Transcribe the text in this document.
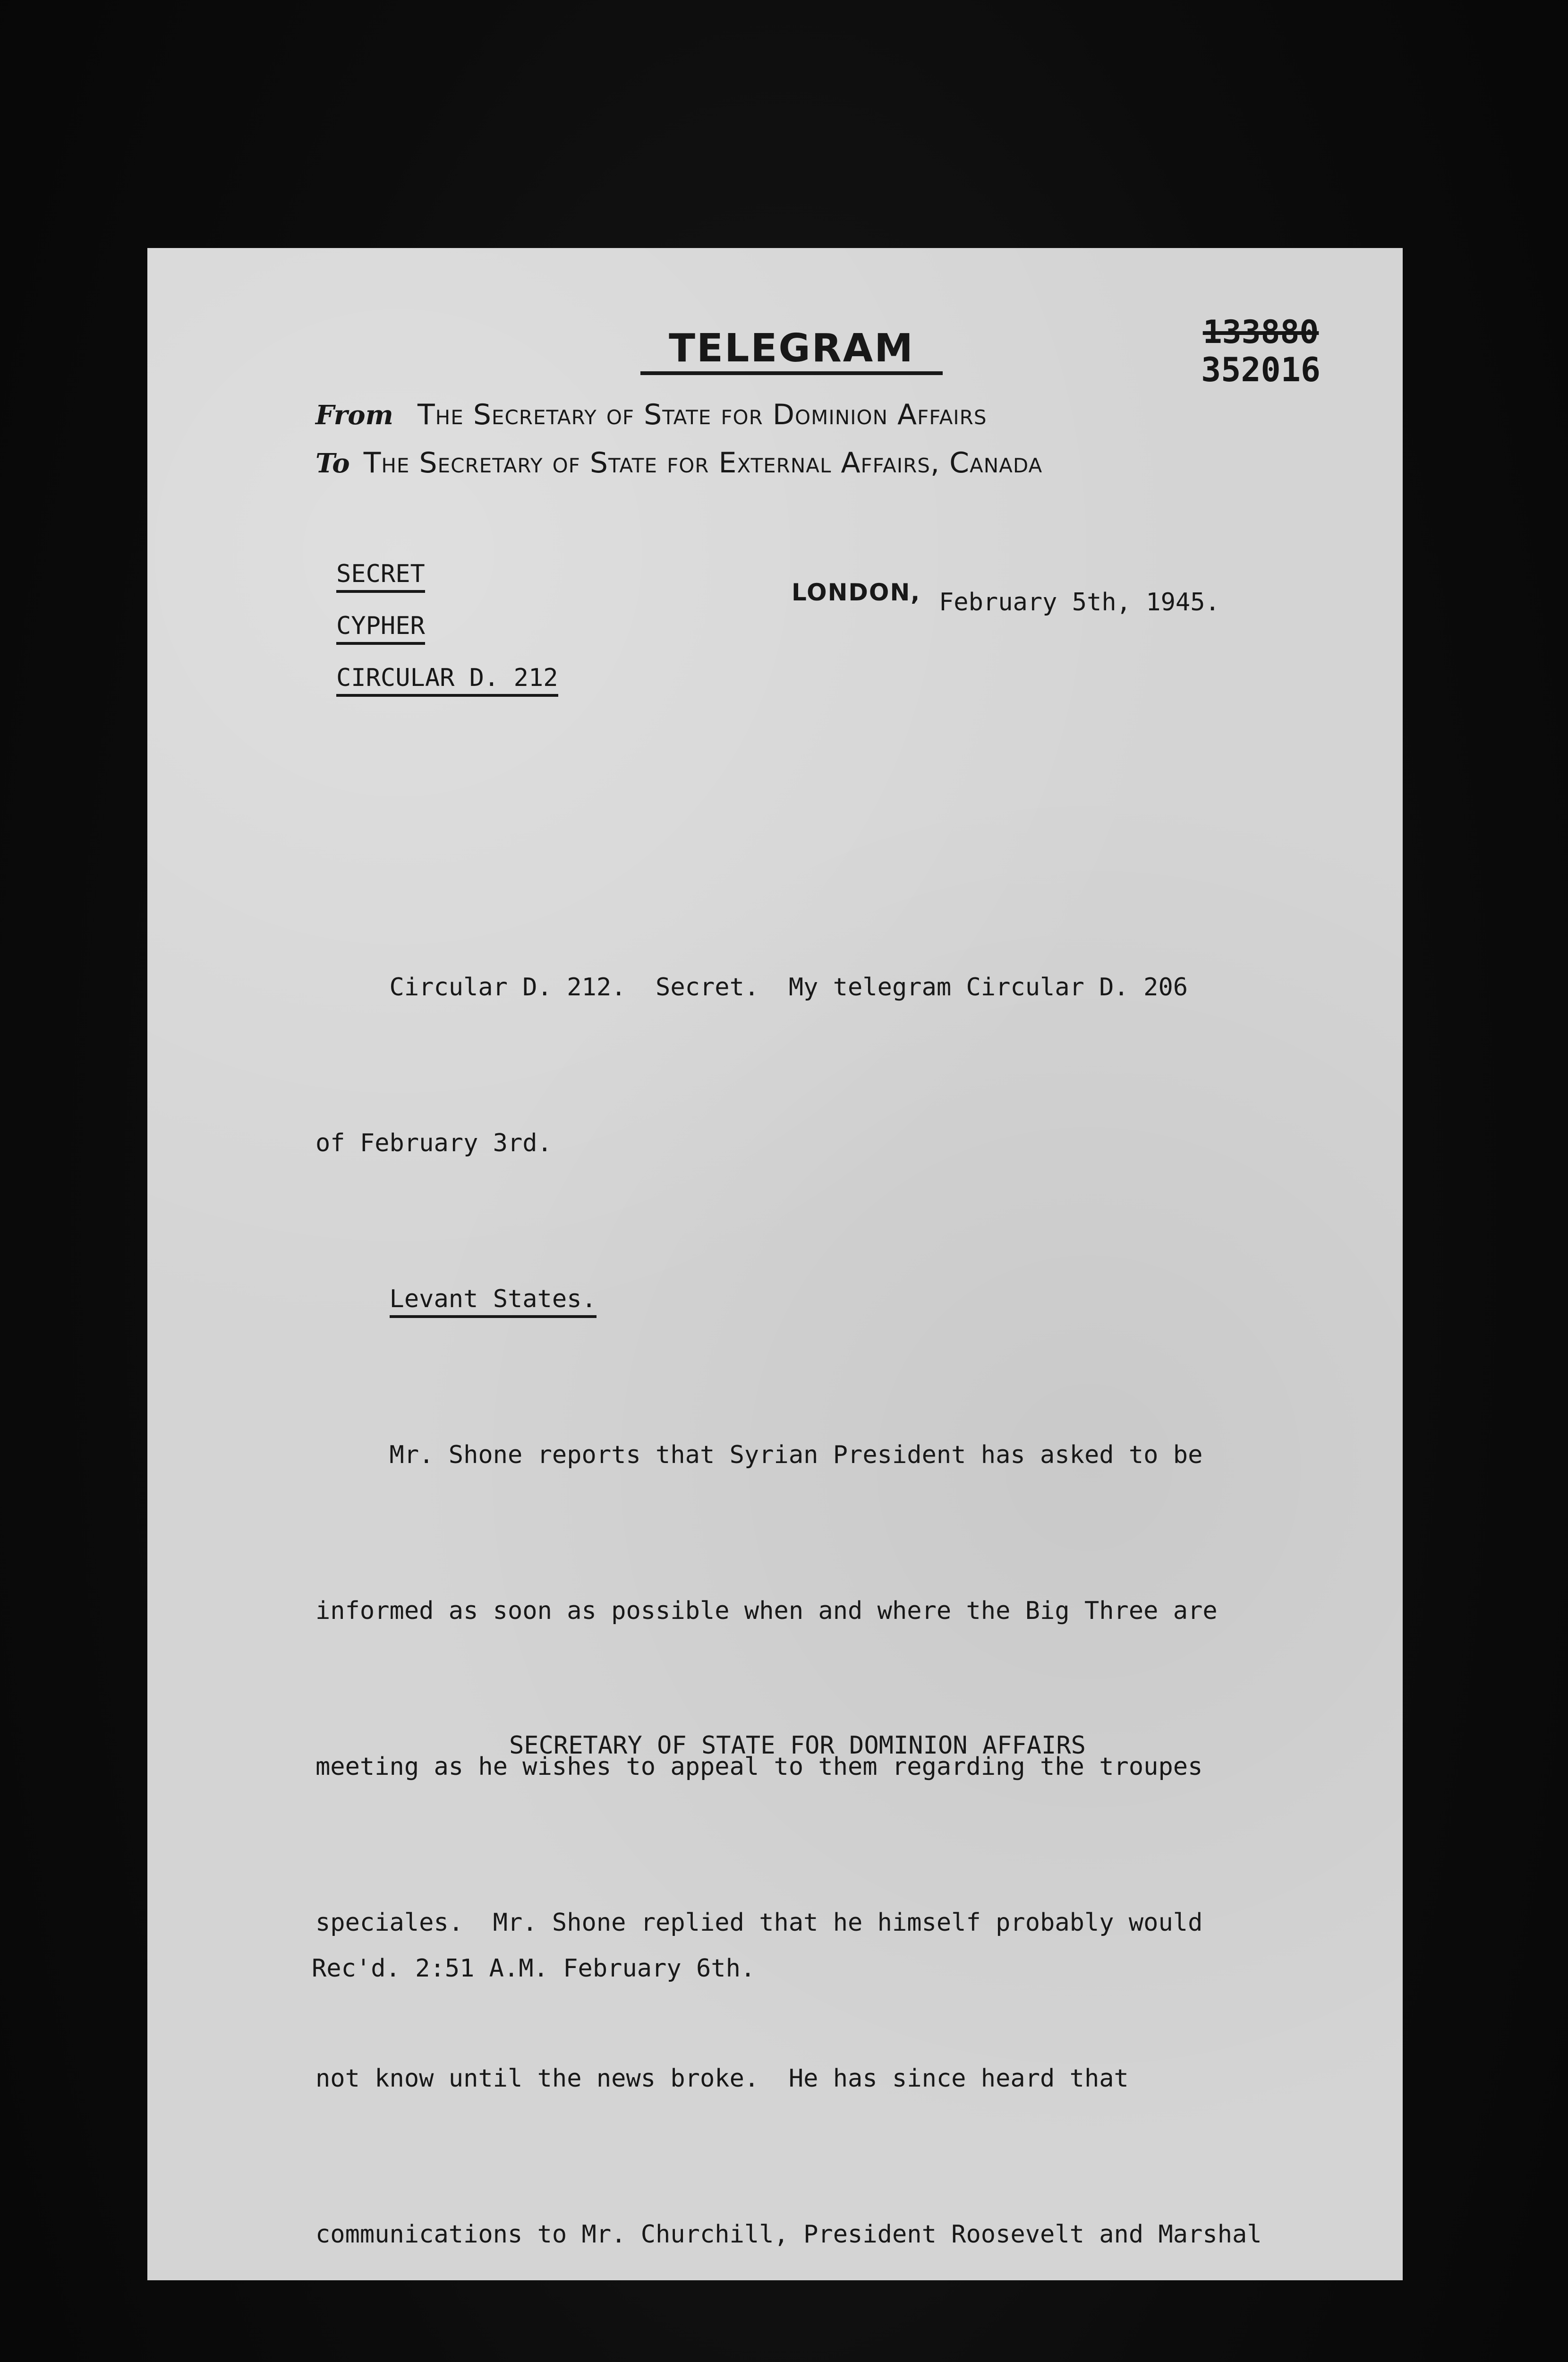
TELEGRAM	133880
352016
From The Secretary of State for Dominion Affairs
To The Secretary of State for External Affairs, Canada
SECRET
CYPHER
CIRCULAR D. 212
LONDON, February 5th, 1945.

Circular D. 212.  Secret.  My telegram Circular D. 206

of February 3rd.

Levant States.

Mr. Shone reports that Syrian President has asked to be

informed as soon as possible when and where the Big Three are

meeting as he wishes to appeal to them regarding the troupes

speciales.  Mr. Shone replied that he himself probably would

not know until the news broke.  He has since heard that

communications to Mr. Churchill, President Roosevelt and Marshal

SECRETARY OF STATE FOR DOMINION AFFAIRS
Rec'd. 2:51 A.M. February 6th.
